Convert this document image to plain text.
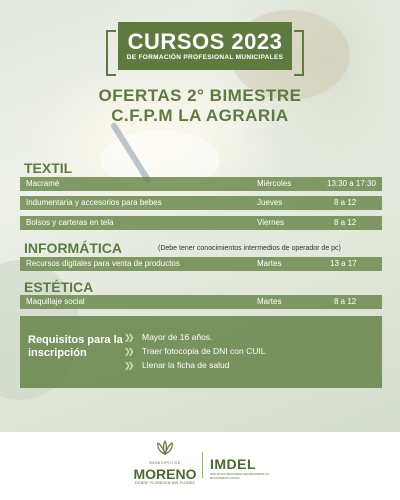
CURSOS 2023
DE FORMACIÓN PROFESIONAL MUNICIPALES
OFERTAS 2° BIMESTRE
C.F.P.M LA AGRARIA
TEXTIL
Macramé	Miércoles	13:30 a 17:30
Indumentaria y accesorios para bebes	Jueves	8 a 12
Bolsos y carteras en tela	Viernes	8 a 12
INFORMÁTICA	(Debe tener conocimientos intermedios de operador de pc)
Recursos digitales para venta de productos	Martes	13 a 17
ESTÉTICA
Maquillaje social	Martes	8 a 12
Requisitos para la inscripción
❯❯ Mayor de 16 años.
❯❯ Traer fotocopia de DNI con CUIL
❯❯ Llenar la ficha de salud
MUNICIPIO DE
MORENO
DONDE FLORECEN MIS FLORES
IMDEL
INSTITUTO MUNICIPAL DE DESARROLLO ECONÓMICO LOCAL
